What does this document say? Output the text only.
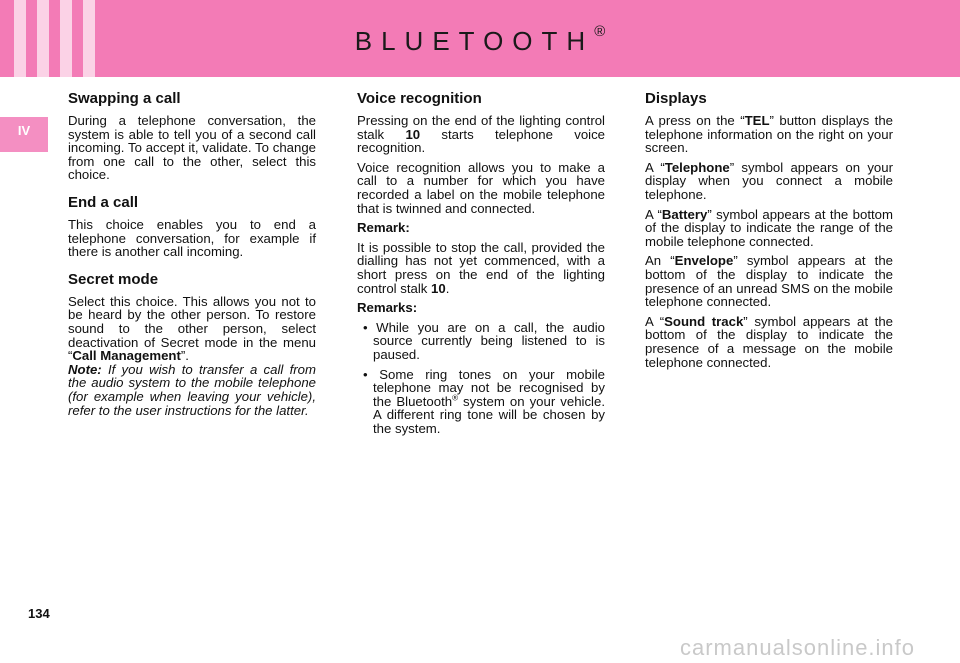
BLUETOOTH®
IV
Swapping a call

During a telephone conversation, the system is able to tell you of a second call incoming. To accept it, validate. To change from one call to the other, select this choice.

End a call

This choice enables you to end a telephone conversation, for example if there is another call incoming.

Secret mode

Select this choice. This allows you not to be heard by the other person. To restore sound to the other person, select deactivation of Secret mode in the menu “Call Management”.

Note: If you wish to transfer a call from the audio system to the mobile telephone (for example when leaving your vehicle), refer to the user instructions for the latter.

Voice recognition

Pressing on the end of the lighting control stalk 10 starts telephone voice recognition.

Voice recognition allows you to make a call to a number for which you have recorded a label on the mobile telephone that is twinned and connected.

Remark:

It is possible to stop the call, provided the dialling has not yet commenced, with a short press on the end of the lighting control stalk 10.

Remarks:

• While you are on a call, the audio source currently being listened to is paused.

• Some ring tones on your mobile telephone may not be recognised by the Bluetooth® system on your vehicle. A different ring tone will be chosen by the system.

Displays

A press on the “TEL” button displays the telephone information on the right on your screen.

A “Telephone” symbol appears on your display when you connect a mobile telephone.

A “Battery” symbol appears at the bottom of the display to indicate the range of the mobile telephone connected.

An “Envelope” symbol appears at the bottom of the display to indicate the presence of an unread SMS on the mobile telephone connected.

A “Sound track” symbol appears at the bottom of the display to indicate the presence of a message on the mobile telephone connected.

134
carmanualsonline.info
